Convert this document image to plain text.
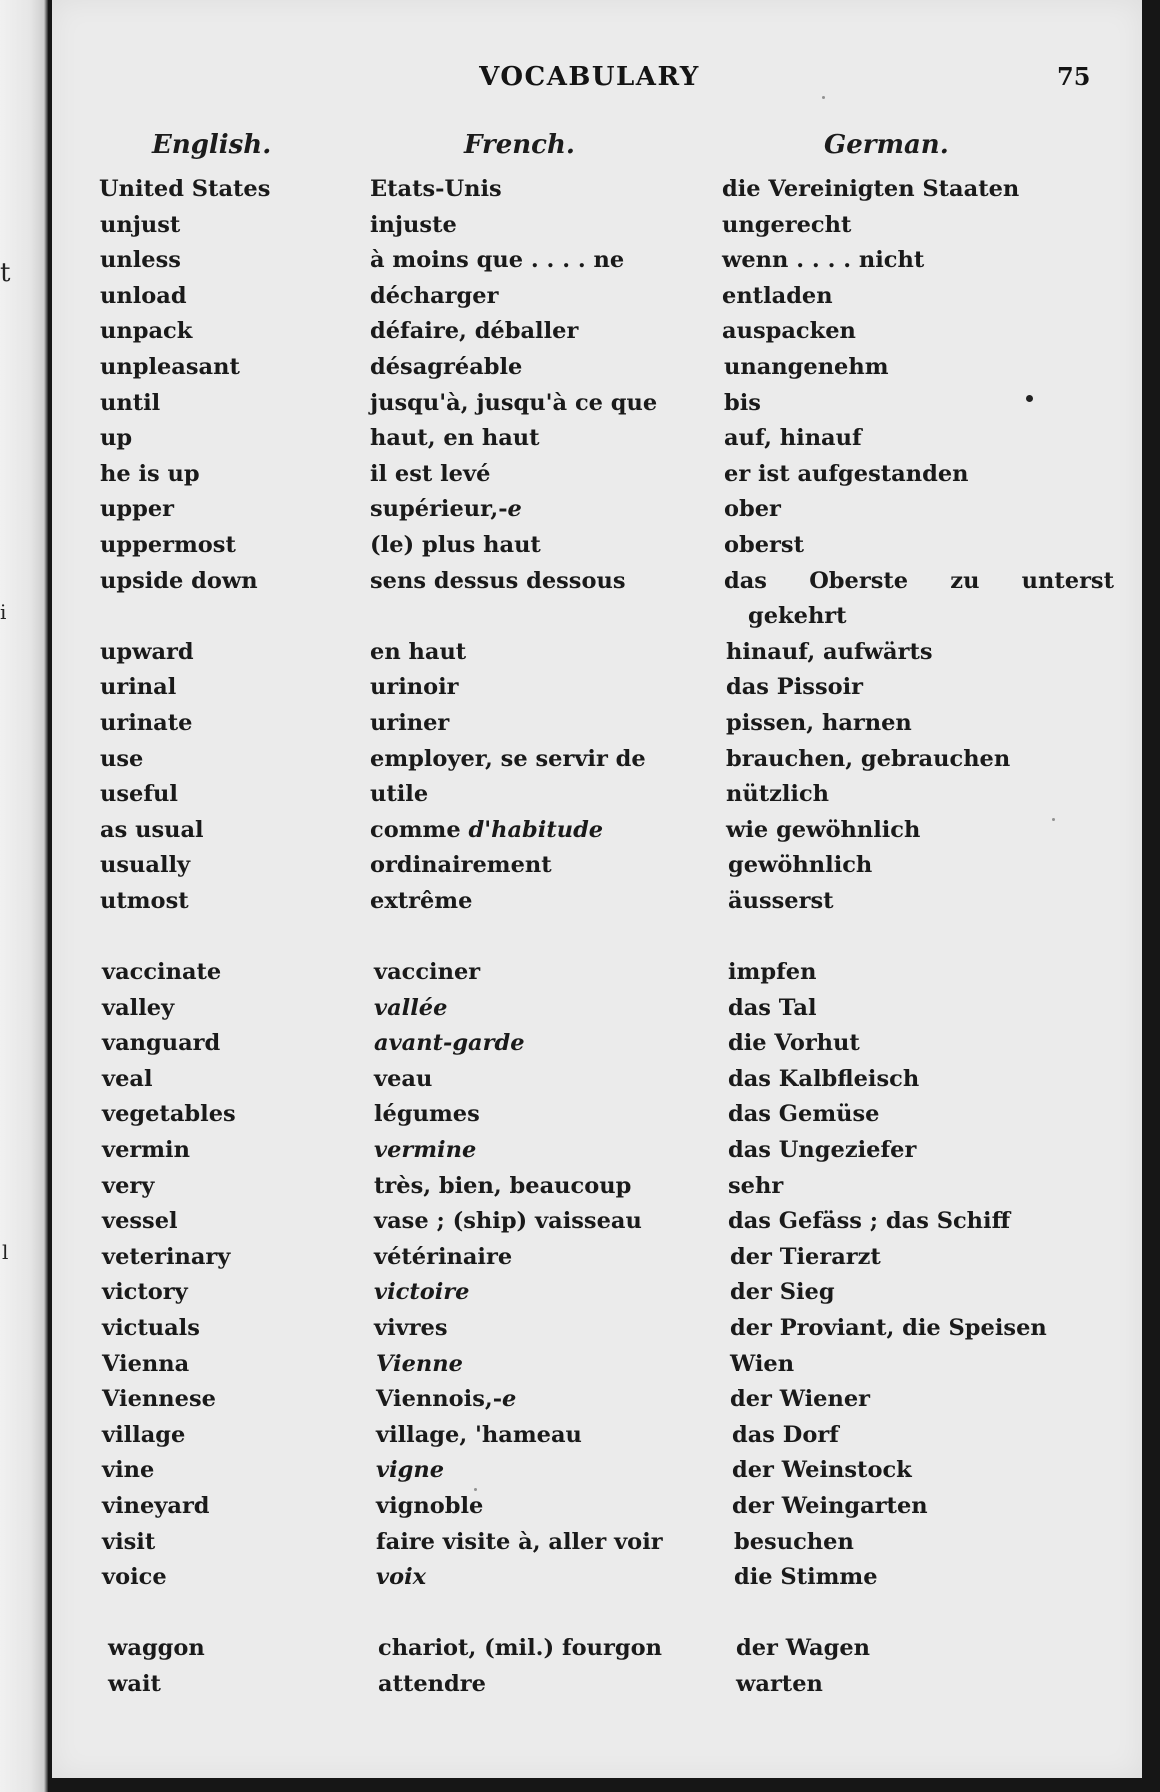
t
i
l
VOCABULARY	75
English.	French.	German.
United States	Etats-Unis	die Vereinigten Staaten
unjust	injuste	ungerecht
unless	à moins que . . . . ne	wenn . . . . nicht
unload	décharger	entladen
unpack	défaire, déballer	auspacken
unpleasant	désagréable	unangenehm
until	jusqu'à, jusqu'à ce que	bis
up	haut, en haut	auf, hinauf
he is up	il est levé	er ist aufgestanden
upper	supérieur,-e	ober
uppermost	(le) plus haut	oberst
upside down	sens dessus dessous	das Oberste zu unterst
gekehrt
upward	en haut	hinauf, aufwärts
urinal	urinoir	das Pissoir
urinate	uriner	pissen, harnen
use	employer, se servir de	brauchen, gebrauchen
useful	utile	nützlich
as usual	comme d'habitude	wie gewöhnlich
usually	ordinairement	gewöhnlich
utmost	extrême	äusserst
vaccinate	vacciner	impfen
valley	vallée	das Tal
vanguard	avant-garde	die Vorhut
veal	veau	das Kalbfleisch
vegetables	légumes	das Gemüse
vermin	vermine	das Ungeziefer
very	très, bien, beaucoup	sehr
vessel	vase ; (ship) vaisseau	das Gefäss ; das Schiff
veterinary	vétérinaire	der Tierarzt
victory	victoire	der Sieg
victuals	vivres	der Proviant, die Speisen
Vienna	Vienne	Wien
Viennese	Viennois,-e	der Wiener
village	village, 'hameau	das Dorf
vine	vigne	der Weinstock
vineyard	vignoble	der Weingarten
visit	faire visite à, aller voir	besuchen
voice	voix	die Stimme
waggon	chariot, (mil.) fourgon	der Wagen
wait	attendre	warten
